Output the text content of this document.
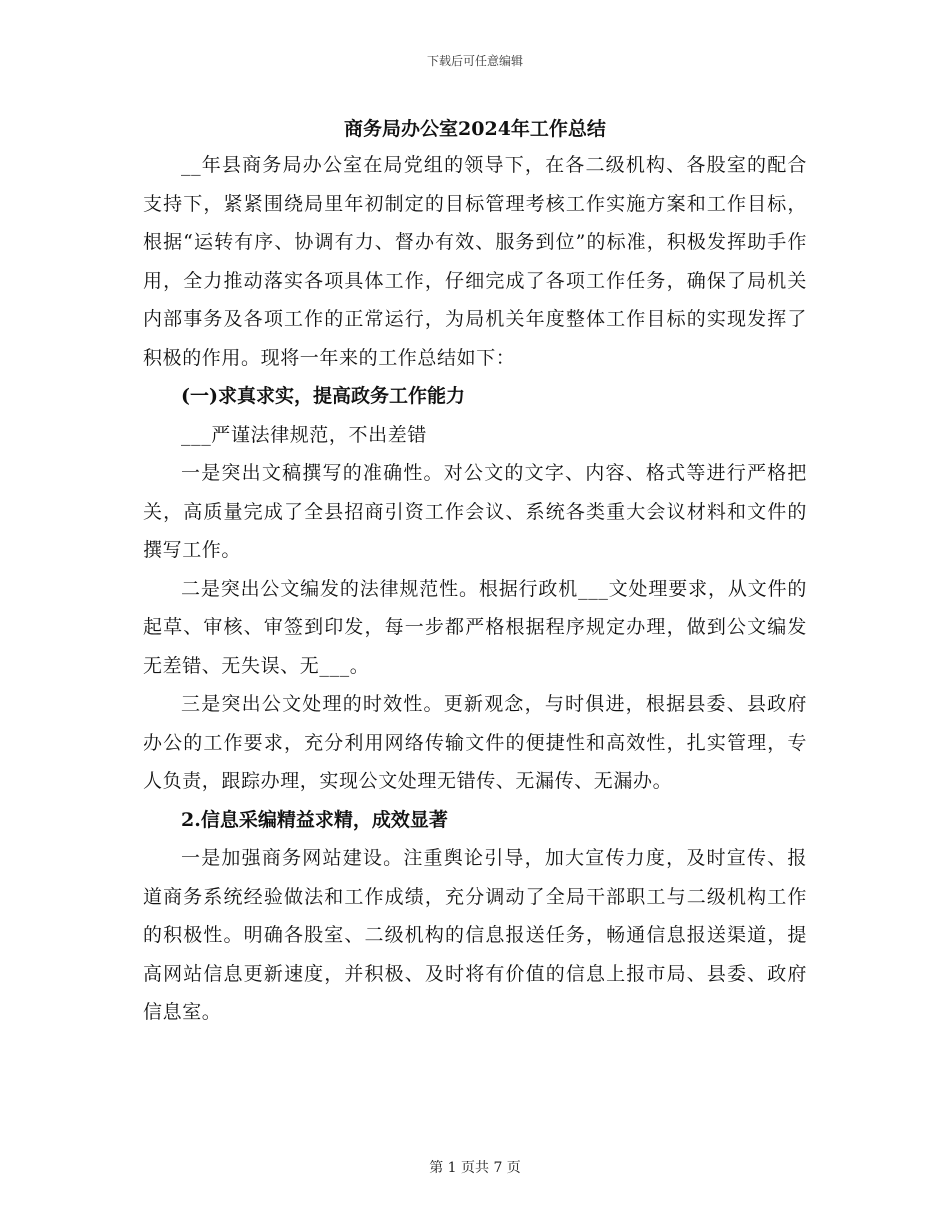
下载后可任意编辑
商务局办公室2024年工作总结

__年县商务局办公室在局党组的领导下，在各二级机构、各股室的配合支持下，紧紧围绕局里年初制定的目标管理考核工作实施方案和工作目标，根据“运转有序、协调有力、督办有效、服务到位”的标准，积极发挥助手作用，全力推动落实各项具体工作，仔细完成了各项工作任务，确保了局机关内部事务及各项工作的正常运行，为局机关年度整体工作目标的实现发挥了积极的作用。现将一年来的工作总结如下：

(一)求真求实，提高政务工作能力

___严谨法律规范，不出差错

一是突出文稿撰写的准确性。对公文的文字、内容、格式等进行严格把关，高质量完成了全县招商引资工作会议、系统各类重大会议材料和文件的撰写工作。

二是突出公文编发的法律规范性。根据行政机___文处理要求，从文件的起草、审核、审签到印发，每一步都严格根据程序规定办理，做到公文编发无差错、无失误、无___。

三是突出公文处理的时效性。更新观念，与时俱进，根据县委、县政府办公的工作要求，充分利用网络传输文件的便捷性和高效性，扎实管理，专人负责，跟踪办理，实现公文处理无错传、无漏传、无漏办。

2.信息采编精益求精，成效显著

一是加强商务网站建设。注重舆论引导，加大宣传力度，及时宣传、报道商务系统经验做法和工作成绩，充分调动了全局干部职工与二级机构工作的积极性。明确各股室、二级机构的信息报送任务，畅通信息报送渠道，提高网站信息更新速度，并积极、及时将有价值的信息上报市局、县委、政府信息室。

第 1 页共 7 页
